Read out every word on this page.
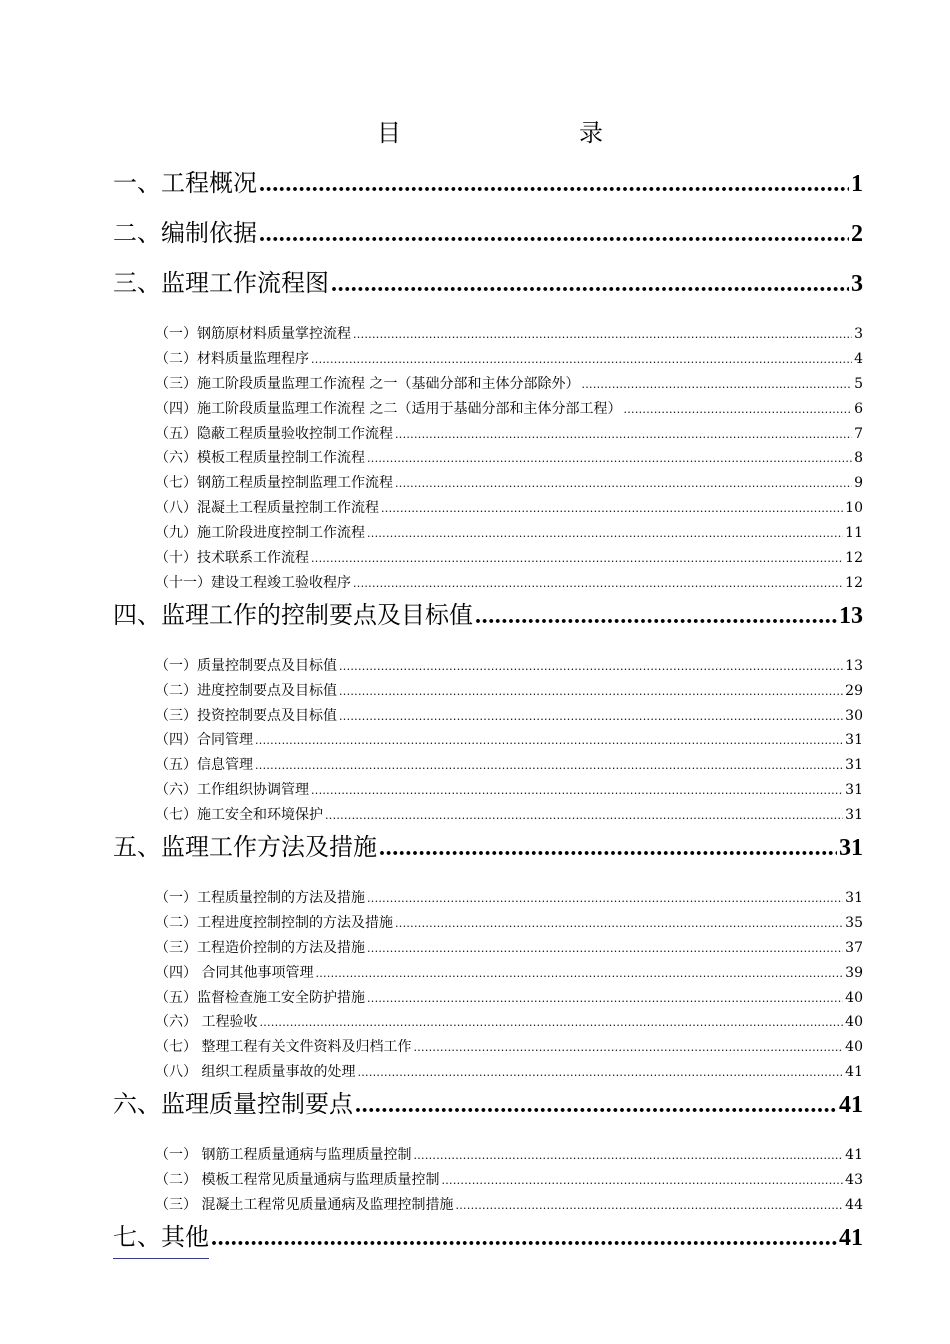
目	录
一、工程概况 .....	1
二、编制依据 .....	2
三、监理工作流程图 .....	3
（一）钢筋原材料质量掌控流程 .....	3
（二）材料质量监理程序 .....	4
（三）施工阶段质量监理工作流程 之一（基础分部和主体分部除外） .....	5
（四）施工阶段质量监理工作流程 之二（适用于基础分部和主体分部工程） .....	6
（五）隐蔽工程质量验收控制工作流程 .....	7
（六）模板工程质量控制工作流程 .....	8
（七）钢筋工程质量控制监理工作流程 .....	9
（八）混凝土工程质量控制工作流程 .....	10
（九）施工阶段进度控制工作流程 .....	11
（十）技术联系工作流程 .....	12
（十一）建设工程竣工验收程序 .....	12
四、监理工作的控制要点及目标值 .....	13
（一）质量控制要点及目标值 .....	13
（二）进度控制要点及目标值 .....	29
（三）投资控制要点及目标值 .....	30
（四）合同管理 .....	31
（五）信息管理 .....	31
（六）工作组织协调管理 .....	31
（七）施工安全和环境保护 .....	31
五、监理工作方法及措施 .....	31
（一）工程质量控制的方法及措施 .....	31
（二）工程进度控制控制的方法及措施 .....	35
（三）工程造价控制的方法及措施 .....	37
（四） 合同其他事项管理 .....	39
（五）监督检查施工安全防护措施 .....	40
（六） 工程验收 .....	40
（七） 整理工程有关文件资料及归档工作 .....	40
（八） 组织工程质量事故的处理 .....	41
六、监理质量控制要点 .....	41
（一） 钢筋工程质量通病与监理质量控制 .....	41
（二） 模板工程常见质量通病与监理质量控制 .....	43
（三） 混凝土工程常见质量通病及监理控制措施 .....	44
七、其他 .....	41
